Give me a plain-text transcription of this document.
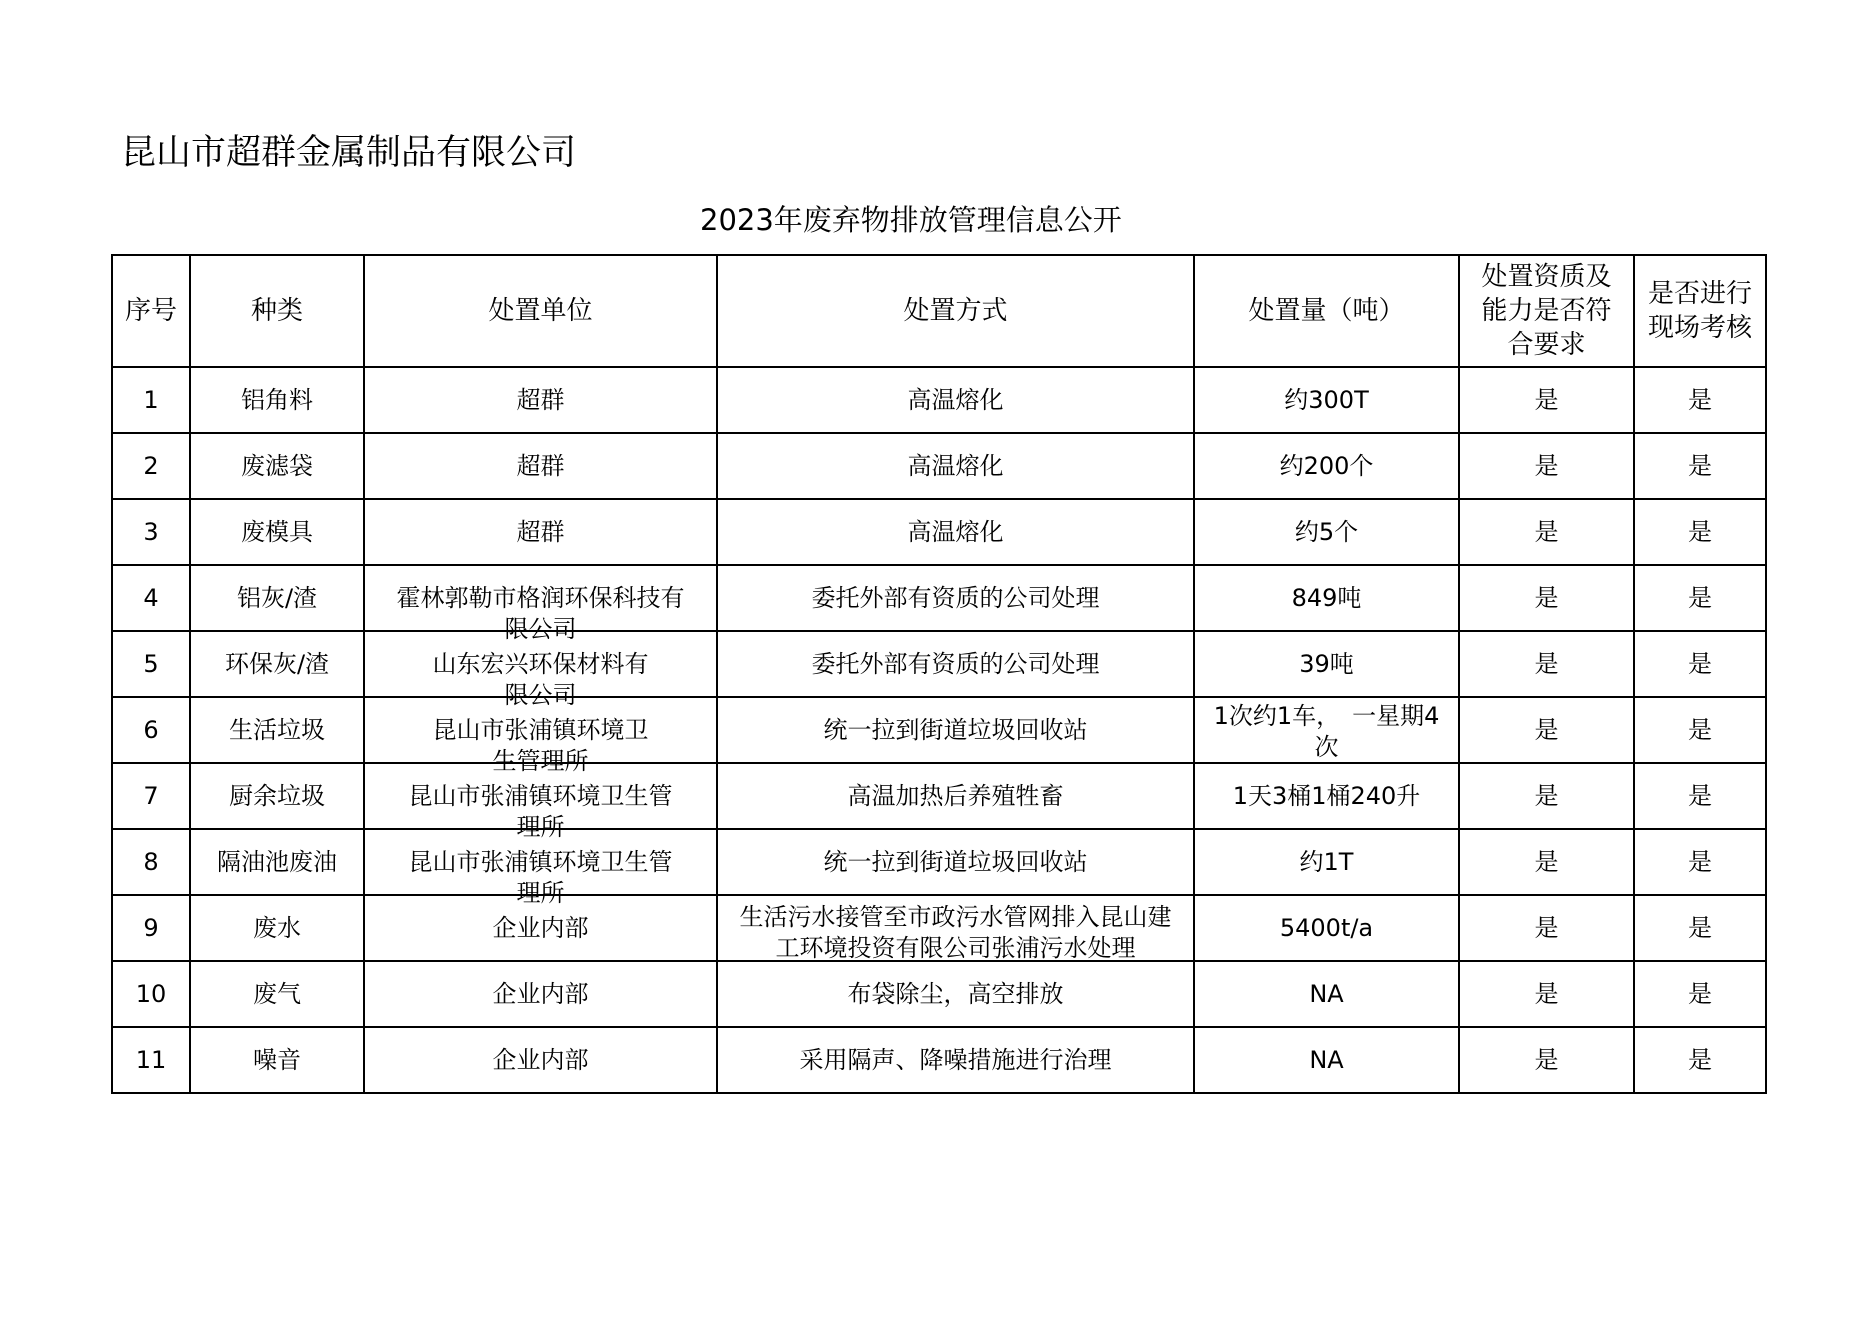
昆山市超群金属制品有限公司
2023年废弃物排放管理信息公开
序号	种类	处置单位	处置方式	处置量（吨）	处置资质及能力是否符合要求	是否进行现场考核

1	铝角料	超群	高温熔化	约300T	是	是
2	废滤袋	超群	高温熔化	约200个	是	是
3	废模具	超群	高温熔化	约5个	是	是
4	铝灰/渣	霍林郭勒市格润环保科技有限公司	委托外部有资质的公司处理	849吨	是	是
5	环保灰/渣	山东宏兴环保材料有限公司	委托外部有资质的公司处理	39吨	是	是
6	生活垃圾	昆山市张浦镇环境卫生管理所	统一拉到街道垃圾回收站	1次约1车，　一星期4次	是	是
7	厨余垃圾	昆山市张浦镇环境卫生管理所	高温加热后养殖牲畜	1天3桶1桶240升	是	是
8	隔油池废油	昆山市张浦镇环境卫生管理所	统一拉到街道垃圾回收站	约1T	是	是
9	废水	企业内部	生活污水接管至市政污水管网排入昆山建工环境投资有限公司张浦污水处理	5400t/a	是	是
10	废气	企业内部	布袋除尘，高空排放	NA	是	是
11	噪音	企业内部	采用隔声、降噪措施进行治理	NA	是	是
